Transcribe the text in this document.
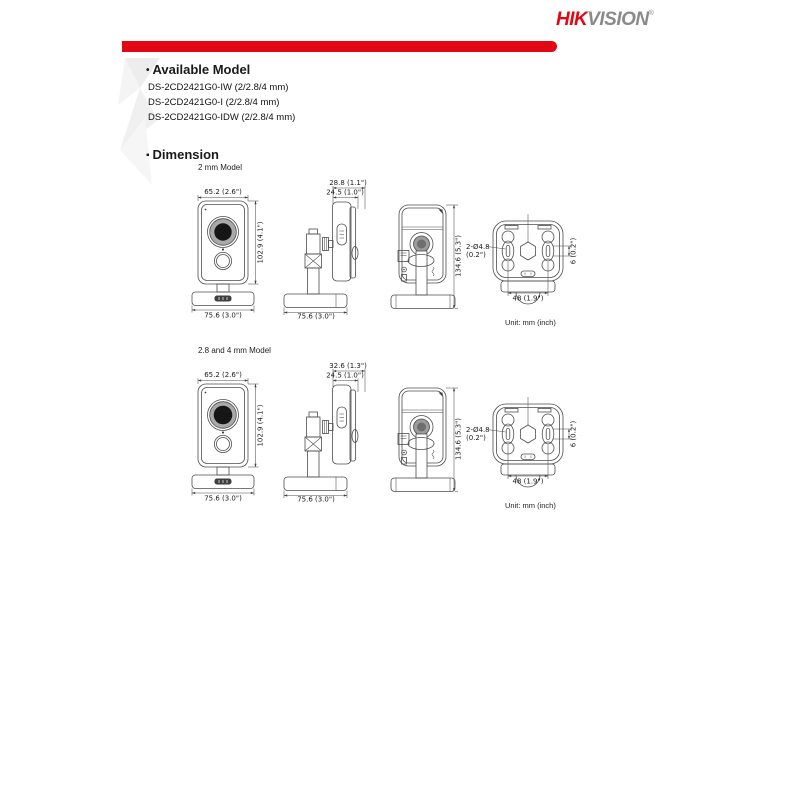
HIKVISION®
• Available Model
DS-2CD2421G0-IW (2/2.8/4 mm)
DS-2CD2421G0-I (2/2.8/4 mm)
DS-2CD2421G0-IDW (2/2.8/4 mm)
▪ Dimension
2 mm Model
65.2 (2.6")
102.9 (4.1")
75.6 (3.0")
28.8 (1.1")
24.5 (1.0")
75.6 (3.0")
134.6 (5.3") 2-Ø4.8
(0.2")	6 (0.2")
48 (1.9")
Unit: mm (inch)
2.8 and 4 mm Model
65.2 (2.6")
102.9 (4.1")
75.6 (3.0")
32.6 (1.3")
24.5 (1.0")
75.6 (3.0")
134.6 (5.3") 2-Ø4.8
(0.2")	6 (0.2")
48 (1.9")
Unit: mm (inch)
